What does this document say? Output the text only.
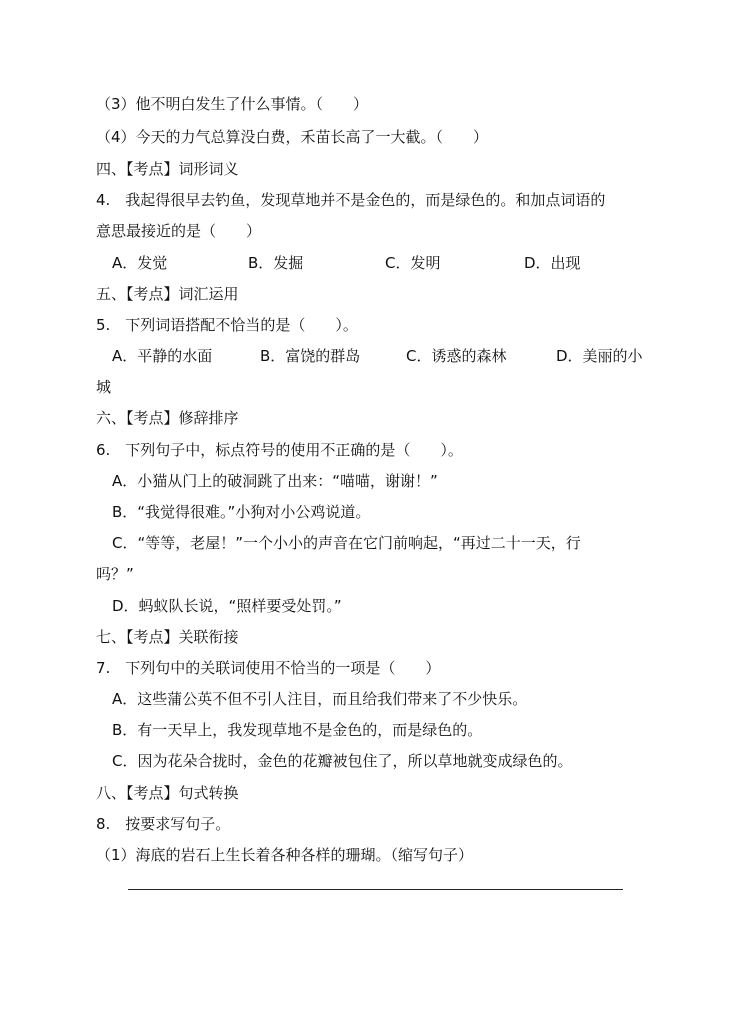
（3）他不明白发生了什么事情。（　　）
（4）今天的力气总算没白费，禾苗长高了一大截。（　　）
四、【考点】词形词义
4.　我起得很早去钓鱼，发现草地并不是金色的，而是绿色的。和加点词语的
意思最接近的是（　　）
A．发觉	B．发掘	C．发明	D．出现
五、【考点】词汇运用
5.　下列词语搭配不恰当的是（　　）。
A．平静的水面	B．富饶的群岛	C．诱惑的森林	D．美丽的小
城
六、【考点】修辞排序
6.　下列句子中，标点符号的使用不正确的是（　　）。
A．小猫从门上的破洞跳了出来：“喵喵，谢谢！”
B．“我觉得很难。”小狗对小公鸡说道。
C．“等等，老屋！”一个小小的声音在它门前响起，“再过二十一天，行
吗？”
D．蚂蚁队长说，“照样要受处罚。”
七、【考点】关联衔接
7.　下列句中的关联词使用不恰当的一项是（　　）
A．这些蒲公英不但不引人注目，而且给我们带来了不少快乐。
B．有一天早上，我发现草地不是金色的，而是绿色的。
C．因为花朵合拢时，金色的花瓣被包住了，所以草地就变成绿色的。
八、【考点】句式转换
8.　按要求写句子。
（1）海底的岩石上生长着各种各样的珊瑚。（缩写句子）
